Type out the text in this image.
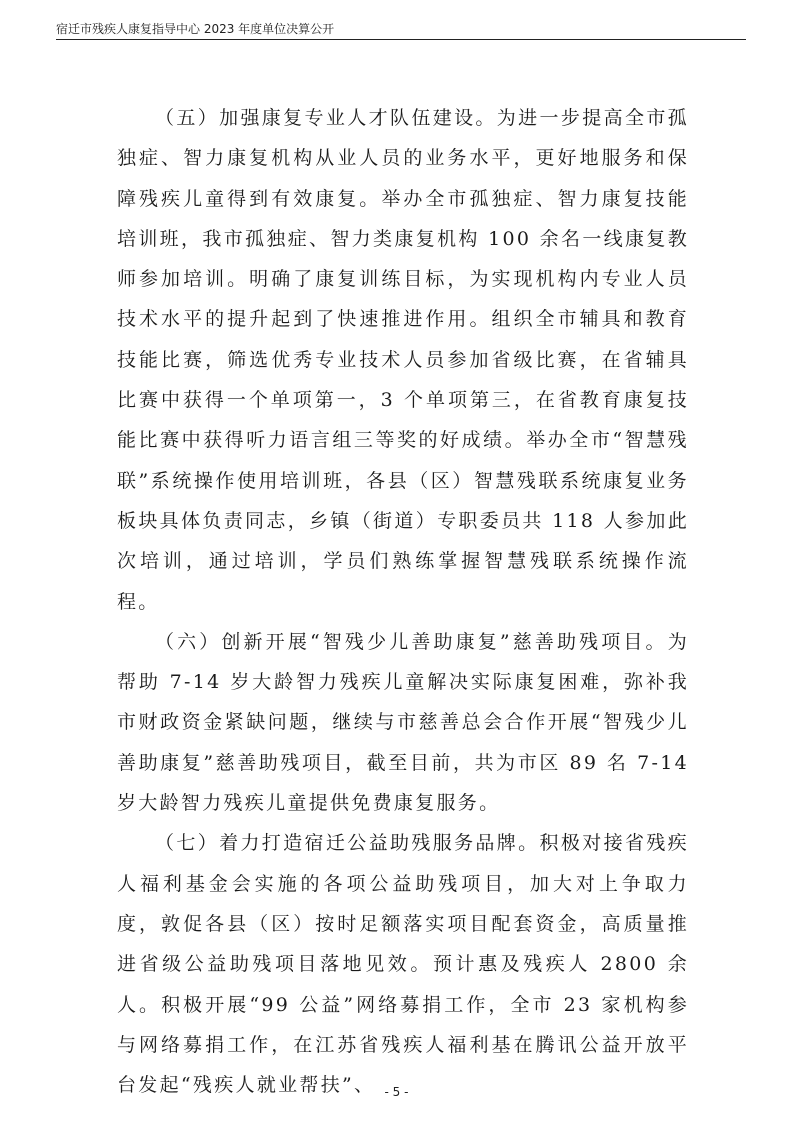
宿迁市残疾人康复指导中心 2023 年度单位决算公开

（五）加强康复专业人才队伍建设。为进一步提高全市孤独症、智力康复机构从业人员的业务水平，更好地服务和保障残疾儿童得到有效康复。举办全市孤独症、智力康复技能培训班，我市孤独症、智力类康复机构 100 余名一线康复教师参加培训。明确了康复训练目标，为实现机构内专业人员技术水平的提升起到了快速推进作用。组织全市辅具和教育技能比赛，筛选优秀专业技术人员参加省级比赛，在省辅具比赛中获得一个单项第一，3 个单项第三，在省教育康复技能比赛中获得听力语言组三等奖的好成绩。举办全市“智慧残联”系统操作使用培训班，各县（区）智慧残联系统康复业务板块具体负责同志，乡镇（街道）专职委员共 118 人参加此次培训，通过培训，学员们熟练掌握智慧残联系统操作流程。

（六）创新开展“智残少儿善助康复”慈善助残项目。为帮助 7-14 岁大龄智力残疾儿童解决实际康复困难，弥补我市财政资金紧缺问题，继续与市慈善总会合作开展“智残少儿善助康复”慈善助残项目，截至目前，共为市区 89 名 7-14 岁大龄智力残疾儿童提供免费康复服务。

（七）着力打造宿迁公益助残服务品牌。积极对接省残疾人福利基金会实施的各项公益助残项目，加大对上争取力度，敦促各县（区）按时足额落实项目配套资金，高质量推进省级公益助残项目落地见效。预计惠及残疾人 2800 余人。积极开展“99 公益”网络募捐工作，全市 23 家机构参与网络募捐工作，在江苏省残疾人福利基在腾讯公益开放平台发起“残疾人就业帮扶”、 - 5 -
